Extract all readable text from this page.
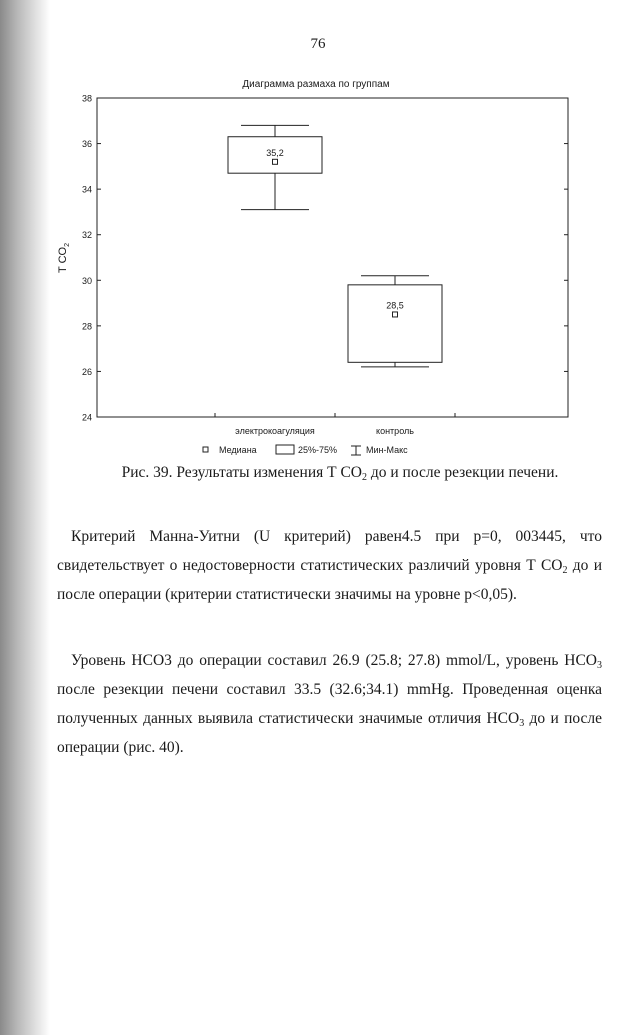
76
Диаграмма размаха по группам
24
26
28
30
32
34
36
38
T $CO_2$
35,2
28,5
электрокоагуляция	контроль
Медиана	25%-75%	Мин-Макс
Рис. 39. Результаты изменения Т $CO_2$ до и после резекции печени.
Критерий Манна-Уитни (U критерий) равен4.5 при р=0, 003445, что свидетельствует о недостоверности статистических различий уровня Т $CO_2$ до и после операции (критерии статистически значимы на уровне p<0,05).
Уровень НСО3 до операции составил 26.9 (25.8; 27.8) mmol/L, уровень $НСО_3$ после резекции печени составил 33.5 (32.6;34.1) mmHg. Проведенная оценка полученных данных выявила статистически значимые отличия $НСО_3$ до и после операции (рис. 40).
